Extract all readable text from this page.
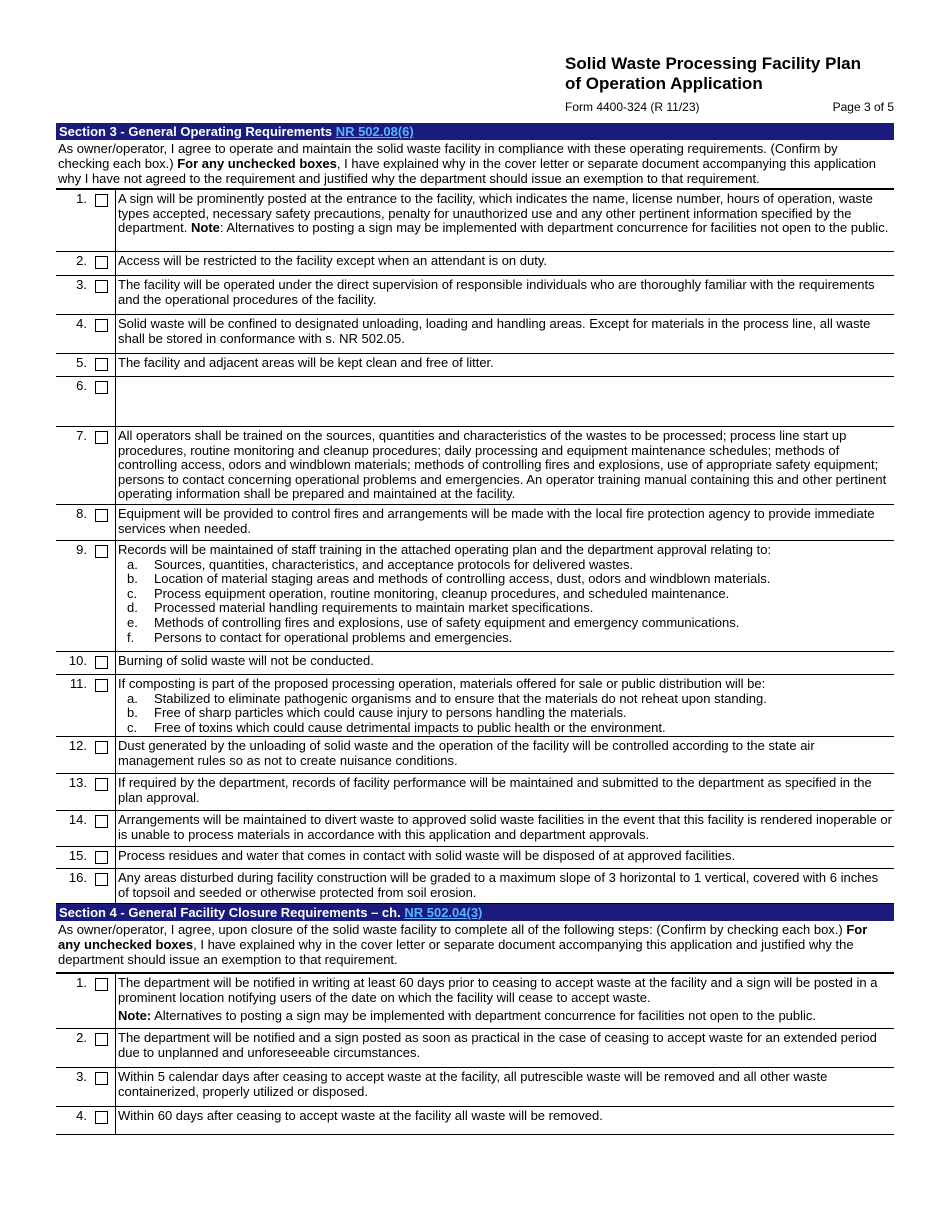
Solid Waste Processing Facility Plan
of Operation Application
Form 4400-324 (R 11/23)	Page 3 of 5
Section 3 - General Operating Requirements NR 502.08(6)
As owner/operator, I agree to operate and maintain the solid waste facility in compliance with these operating requirements. (Confirm by checking each box.) For any unchecked boxes, I have explained why in the cover letter or separate document accompanying this application why I have not agreed to the requirement and justified why the department should issue an exemption to that requirement.
1. A sign will be prominently posted at the entrance to the facility, which indicates the name, license number, hours of operation, waste types accepted, necessary safety precautions, penalty for unauthorized use and any other pertinent information specified by the department. Note: Alternatives to posting a sign may be implemented with department concurrence for facilities not open to the public.
2. Access will be restricted to the facility except when an attendant is on duty.
3. The facility will be operated under the direct supervision of responsible individuals who are thoroughly familiar with the requirements and the operational procedures of the facility.
4. Solid waste will be confined to designated unloading, loading and handling areas. Except for materials in the process line, all waste shall be stored in conformance with s. NR 502.05.
5. The facility and adjacent areas will be kept clean and free of litter.
6.
7. All operators shall be trained on the sources, quantities and characteristics of the wastes to be processed; process line start up procedures, routine monitoring and cleanup procedures; daily processing and equipment maintenance schedules; methods of controlling access, odors and windblown materials; methods of controlling fires and explosions, use of appropriate safety equipment; persons to contact concerning operational problems and emergencies. An operator training manual containing this and other pertinent operating information shall be prepared and maintained at the facility.
8. Equipment will be provided to control fires and arrangements will be made with the local fire protection agency to provide immediate services when needed.
9. Records will be maintained of staff training in the attached operating plan and the department approval relating to:
a.	Sources, quantities, characteristics, and acceptance protocols for delivered wastes.
b.	Location of material staging areas and methods of controlling access, dust, odors and windblown materials.
c.	Process equipment operation, routine monitoring, cleanup procedures, and scheduled maintenance.
d.	Processed material handling requirements to maintain market specifications.
e.	Methods of controlling fires and explosions, use of safety equipment and emergency communications.
f.	Persons to contact for operational problems and emergencies.
10. Burning of solid waste will not be conducted.
11. If composting is part of the proposed processing operation, materials offered for sale or public distribution will be:
a.	Stabilized to eliminate pathogenic organisms and to ensure that the materials do not reheat upon standing.
b.	Free of sharp particles which could cause injury to persons handling the materials.
c.	Free of toxins which could cause detrimental impacts to public health or the environment.
12. Dust generated by the unloading of solid waste and the operation of the facility will be controlled according to the state air management rules so as not to create nuisance conditions.
13. If required by the department, records of facility performance will be maintained and submitted to the department as specified in the plan approval.
14. Arrangements will be maintained to divert waste to approved solid waste facilities in the event that this facility is rendered inoperable or is unable to process materials in accordance with this application and department approvals.
15. Process residues and water that comes in contact with solid waste will be disposed of at approved facilities.
16. Any areas disturbed during facility construction will be graded to a maximum slope of 3 horizontal to 1 vertical, covered with 6 inches of topsoil and seeded or otherwise protected from soil erosion.
Section 4 - General Facility Closure Requirements – ch. NR 502.04(3)
As owner/operator, I agree, upon closure of the solid waste facility to complete all of the following steps: (Confirm by checking each box.) For any unchecked boxes, I have explained why in the cover letter or separate document accompanying this application and justified why the department should issue an exemption to that requirement.
1. The department will be notified in writing at least 60 days prior to ceasing to accept waste at the facility and a sign will be posted in a prominent location notifying users of the date on which the facility will cease to accept waste.
Note: Alternatives to posting a sign may be implemented with department concurrence for facilities not open to the public.
2. The department will be notified and a sign posted as soon as practical in the case of ceasing to accept waste for an extended period due to unplanned and unforeseeable circumstances.
3. Within 5 calendar days after ceasing to accept waste at the facility, all putrescible waste will be removed and all other waste containerized, properly utilized or disposed.
4. Within 60 days after ceasing to accept waste at the facility all waste will be removed.
